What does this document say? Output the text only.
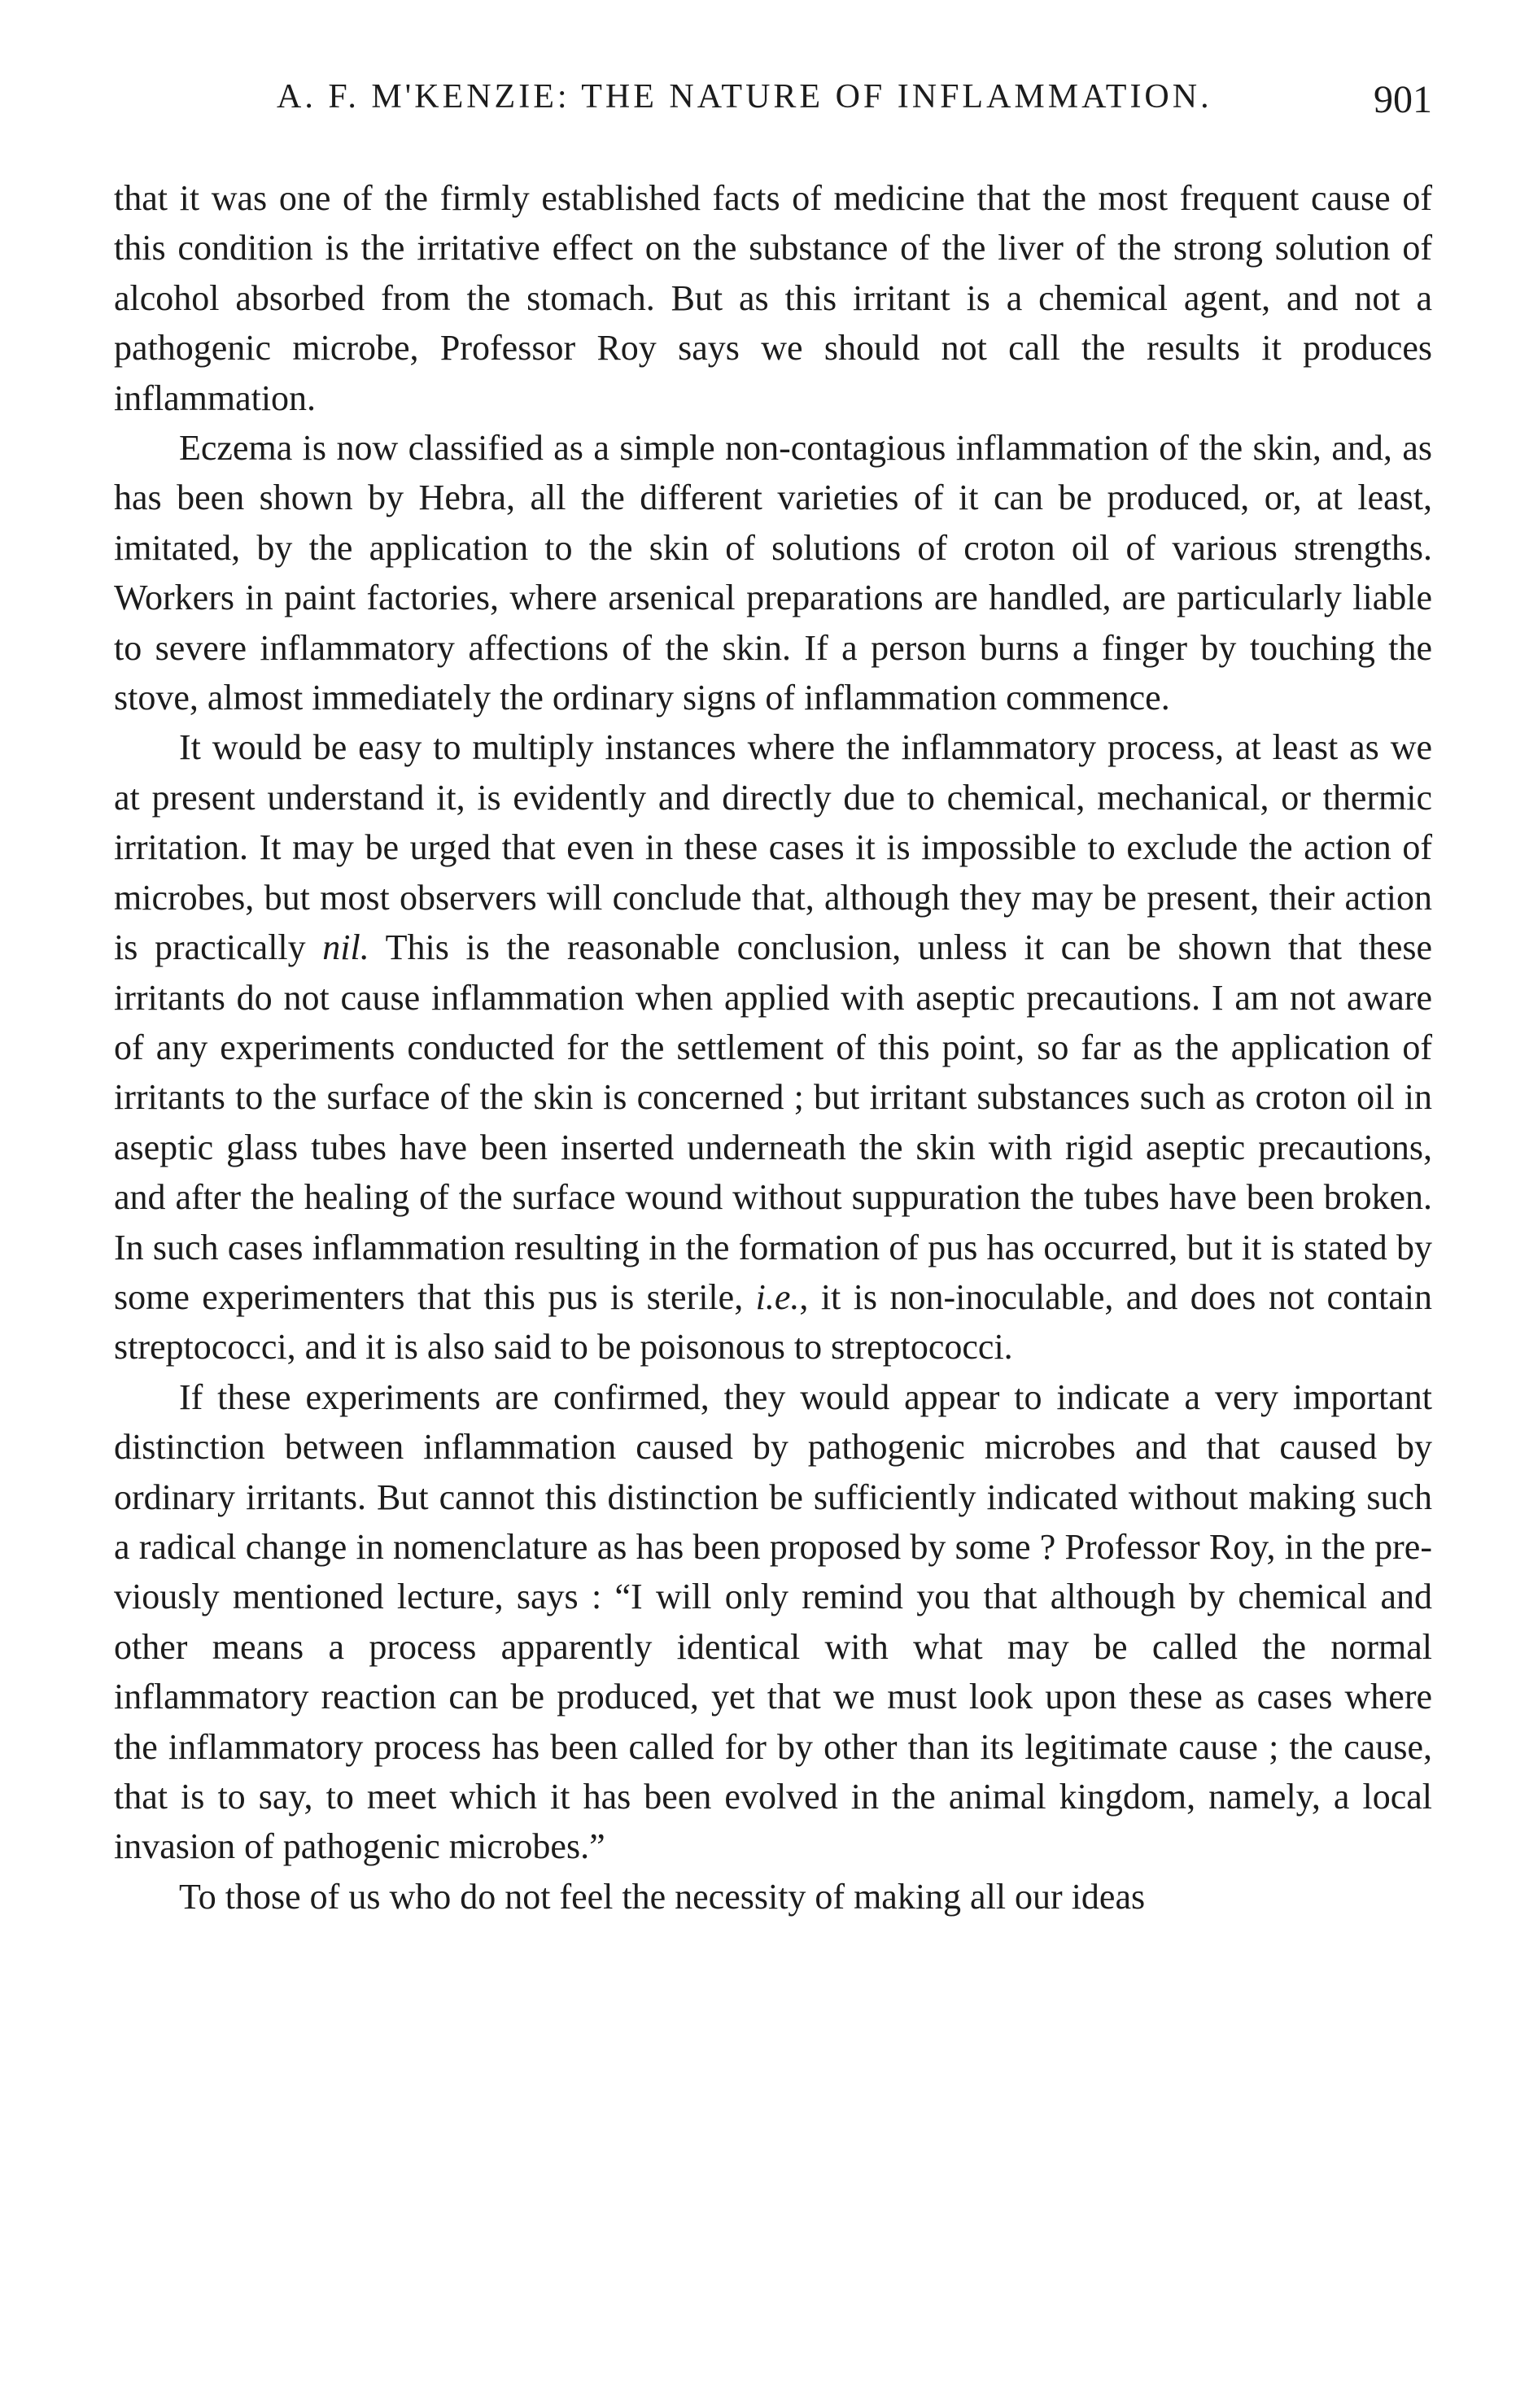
A. F. M'KENZIE: THE NATURE OF INFLAMMATION.	901

that it was one of the firmly established facts of medicine that the most frequent cause of this condition is the irritative effect on the substance of the liver of the strong solution of alcohol absorbed from the stomach. But as this irritant is a chemical agent, and not a pathogenic microbe, Professor Roy says we should not call the results it produces inflammation.

Eczema is now classified as a simple non-contagious inflammation of the skin, and, as has been shown by Hebra, all the different varieties of it can be produced, or, at least, imitated, by the application to the skin of solutions of croton oil of various strengths. Workers in paint factories, where arsenical preparations are handled, are particularly liable to severe inflammatory affections of the skin. If a person burns a finger by touching the stove, almost immediately the ordinary signs of inflammation commence.

It would be easy to multiply instances where the inflammatory process, at least as we at present understand it, is evidently and directly due to chemical, mechanical, or thermic irritation. It may be urged that even in these cases it is impossible to exclude the action of microbes, but most observers will conclude that, although they may be present, their action is practically nil. This is the reasonable conclusion, unless it can be shown that these irritants do not cause inflammation when applied with aseptic precautions. I am not aware of any experiments conducted for the settlement of this point, so far as the application of irritants to the surface of the skin is concerned ; but irritant substances such as croton oil in aseptic glass tubes have been inserted underneath the skin with rigid aseptic precautions, and after the healing of the surface wound without suppuration the tubes have been broken. In such cases inflammation resulting in the formation of pus has occurred, but it is stated by some experimenters that this pus is sterile, i.e., it is non-inoculable, and does not contain streptococci, and it is also said to be poisonous to streptococci.

If these experiments are confirmed, they would appear to indicate a very important distinction between inflammation caused by pathogenic microbes and that caused by ordinary irritants. But cannot this distinction be sufficiently indicated without making such a radical change in nomenclature as has been proposed by some ? Professor Roy, in the previously mentioned lecture, says : “I will only remind you that although by chemical and other means a process apparently identical with what may be called the normal inflammatory reaction can be produced, yet that we must look upon these as cases where the inflammatory process has been called for by other than its legitimate cause ; the cause, that is to say, to meet which it has been evolved in the animal kingdom, namely, a local invasion of pathogenic microbes.”

To those of us who do not feel the necessity of making all our ideas
